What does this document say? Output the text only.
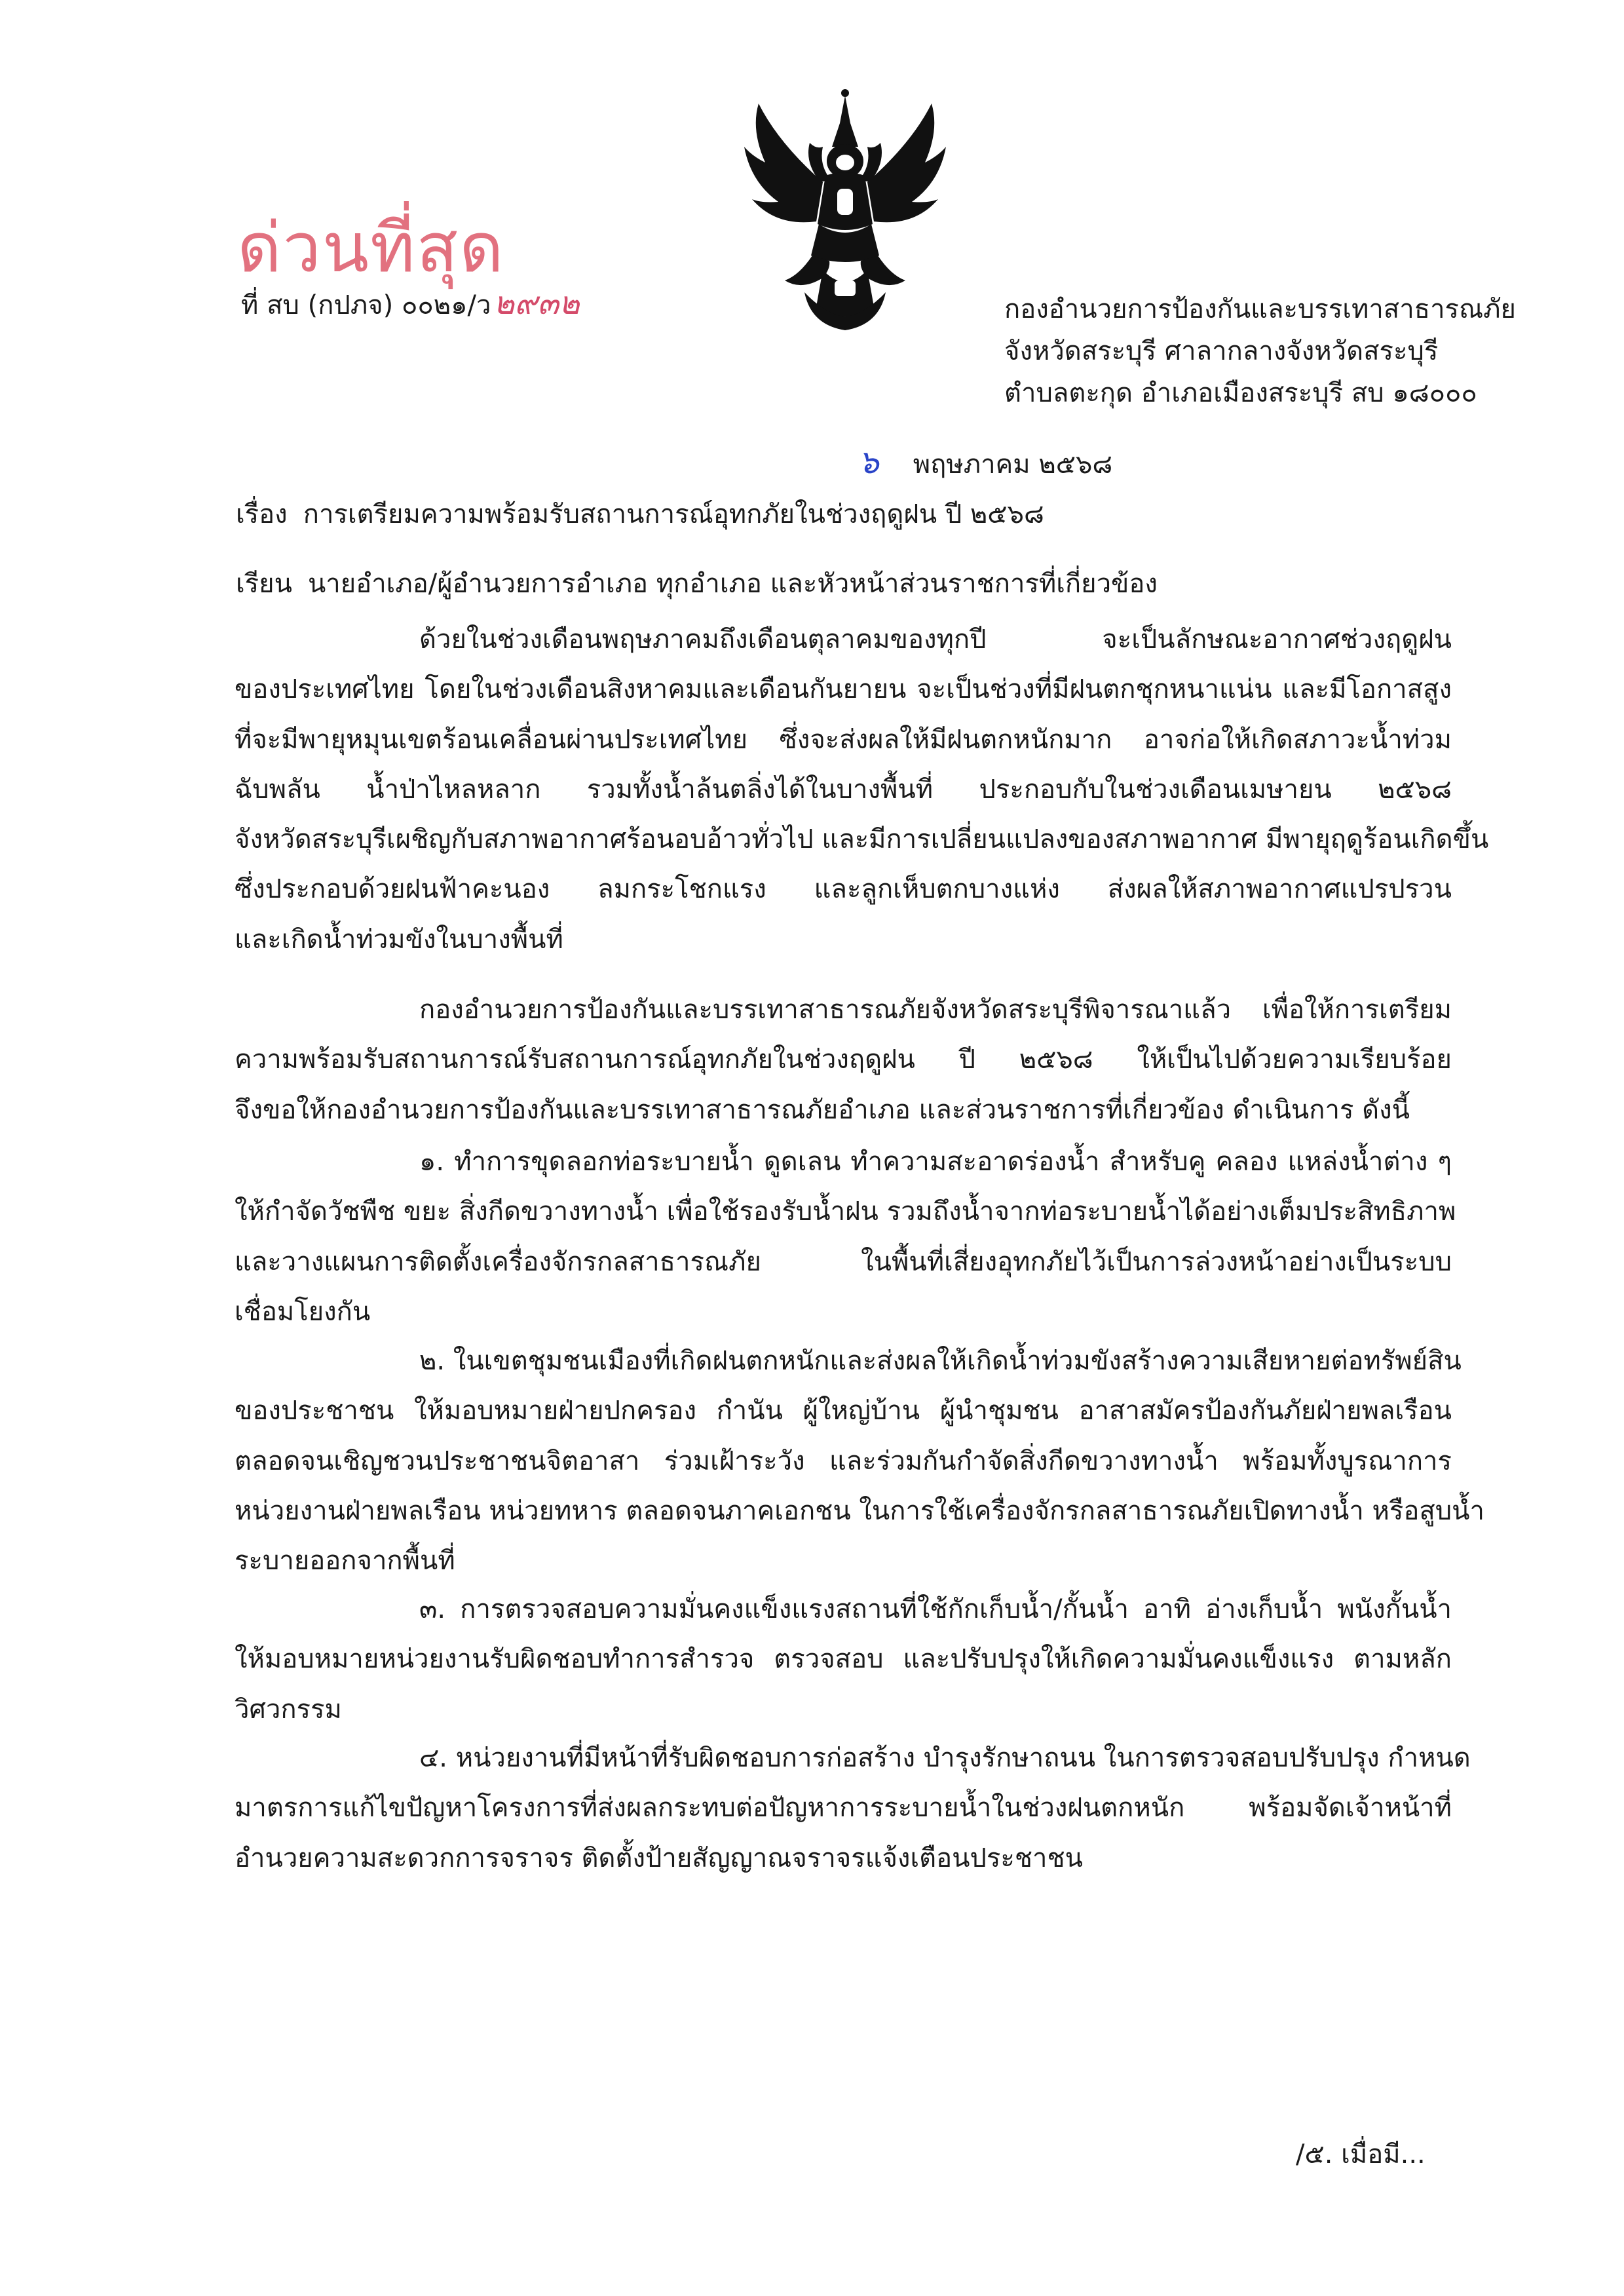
ด่วนที่สุด
ที่ สบ (กปภจ) ๐๐๒๑/ว๒๙๓๒	กองอำนวยการป้องกันและบรรเทาสาธารณภัย
จังหวัดสระบุรี ศาลากลางจังหวัดสระบุรี
ตำบลตะกุด อำเภอเมืองสระบุรี สบ ๑๘๐๐๐
๖ พฤษภาคม ๒๕๖๘
เรื่อง การเตรียมความพร้อมรับสถานการณ์อุทกภัยในช่วงฤดูฝน ปี ๒๕๖๘
เรียน นายอำเภอ/ผู้อำนวยการอำเภอ ทุกอำเภอ และหัวหน้าส่วนราชการที่เกี่ยวข้อง
ด้วยในช่วงเดือนพฤษภาคมถึงเดือนตุลาคมของทุกปี จะเป็นลักษณะอากาศช่วงฤดูฝน
ของประเทศไทย โดยในช่วงเดือนสิงหาคมและเดือนกันยายน จะเป็นช่วงที่มีฝนตกชุกหนาแน่น และมีโอกาสสูง
ที่จะมีพายุหมุนเขตร้อนเคลื่อนผ่านประเทศไทย ซึ่งจะส่งผลให้มีฝนตกหนักมาก อาจก่อให้เกิดสภาวะน้ำท่วม
ฉับพลัน น้ำป่าไหลหลาก รวมทั้งน้ำล้นตลิ่งได้ในบางพื้นที่ ประกอบกับในช่วงเดือนเมษายน ๒๕๖๘
จังหวัดสระบุรีเผชิญกับสภาพอากาศร้อนอบอ้าวทั่วไป และมีการเปลี่ยนแปลงของสภาพอากาศ มีพายุฤดูร้อนเกิดขึ้น
ซึ่งประกอบด้วยฝนฟ้าคะนอง ลมกระโชกแรง และลูกเห็บตกบางแห่ง ส่งผลให้สภาพอากาศแปรปรวน
และเกิดน้ำท่วมขังในบางพื้นที่
กองอำนวยการป้องกันและบรรเทาสาธารณภัยจังหวัดสระบุรีพิจารณาแล้ว เพื่อให้การเตรียม
ความพร้อมรับสถานการณ์รับสถานการณ์อุทกภัยในช่วงฤดูฝน ปี ๒๕๖๘ ให้เป็นไปด้วยความเรียบร้อย
จึงขอให้กองอำนวยการป้องกันและบรรเทาสาธารณภัยอำเภอ และส่วนราชการที่เกี่ยวข้อง ดำเนินการ ดังนี้
๑. ทำการขุดลอกท่อระบายน้ำ ดูดเลน ทำความสะอาดร่องน้ำ สำหรับคู คลอง แหล่งน้ำต่าง ๆ
ให้กำจัดวัชพืช ขยะ สิ่งกีดขวางทางน้ำ เพื่อใช้รองรับน้ำฝน รวมถึงน้ำจากท่อระบายน้ำได้อย่างเต็มประสิทธิภาพ
และวางแผนการติดตั้งเครื่องจักรกลสาธารณภัย ในพื้นที่เสี่ยงอุทกภัยไว้เป็นการล่วงหน้าอย่างเป็นระบบ
เชื่อมโยงกัน
๒. ในเขตชุมชนเมืองที่เกิดฝนตกหนักและส่งผลให้เกิดน้ำท่วมขังสร้างความเสียหายต่อทรัพย์สิน
ของประชาชน ให้มอบหมายฝ่ายปกครอง กำนัน ผู้ใหญ่บ้าน ผู้นำชุมชน อาสาสมัครป้องกันภัยฝ่ายพลเรือน
ตลอดจนเชิญชวนประชาชนจิตอาสา ร่วมเฝ้าระวัง และร่วมกันกำจัดสิ่งกีดขวางทางน้ำ พร้อมทั้งบูรณาการ
หน่วยงานฝ่ายพลเรือน หน่วยทหาร ตลอดจนภาคเอกชน ในการใช้เครื่องจักรกลสาธารณภัยเปิดทางน้ำ หรือสูบน้ำ
ระบายออกจากพื้นที่
๓. การตรวจสอบความมั่นคงแข็งแรงสถานที่ใช้กักเก็บน้ำ/กั้นน้ำ อาทิ อ่างเก็บน้ำ พนังกั้นน้ำ
ให้มอบหมายหน่วยงานรับผิดชอบทำการสำรวจ ตรวจสอบ และปรับปรุงให้เกิดความมั่นคงแข็งแรง ตามหลัก
วิศวกรรม
๔. หน่วยงานที่มีหน้าที่รับผิดชอบการก่อสร้าง บำรุงรักษาถนน ในการตรวจสอบปรับปรุง กำหนด
มาตรการแก้ไขปัญหาโครงการที่ส่งผลกระทบต่อปัญหาการระบายน้ำในช่วงฝนตกหนัก พร้อมจัดเจ้าหน้าที่
อำนวยความสะดวกการจราจร ติดตั้งป้ายสัญญาณจราจรแจ้งเตือนประชาชน
/๕. เมื่อมี...
